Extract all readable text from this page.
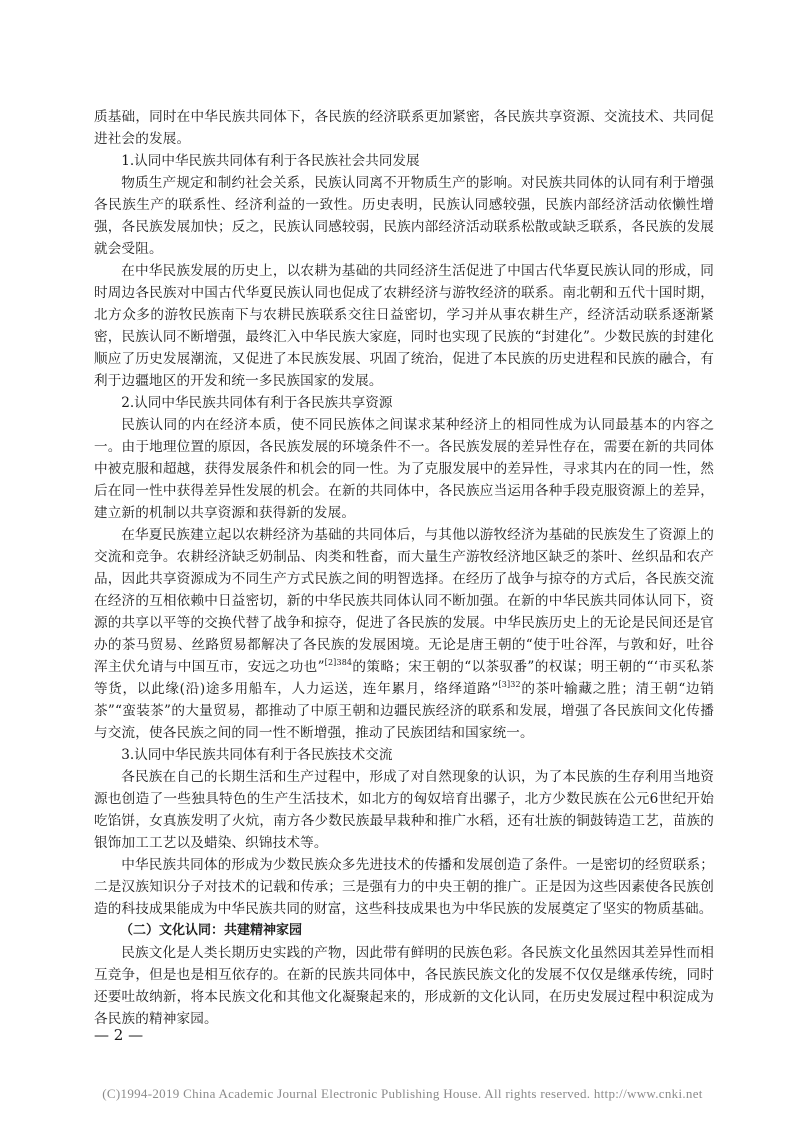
质基础，同时在中华民族共同体下，各民族的经济联系更加紧密，各民族共享资源、交流技术、共同促进社会的发展。

1.认同中华民族共同体有利于各民族社会共同发展

物质生产规定和制约社会关系，民族认同离不开物质生产的影响。对民族共同体的认同有利于增强各民族生产的联系性、经济利益的一致性。历史表明，民族认同感较强，民族内部经济活动依懒性增强，各民族发展加快；反之，民族认同感较弱，民族内部经济活动联系松散或缺乏联系，各民族的发展就会受阻。

在中华民族发展的历史上，以农耕为基础的共同经济生活促进了中国古代华夏民族认同的形成，同时周边各民族对中国古代华夏民族认同也促成了农耕经济与游牧经济的联系。南北朝和五代十国时期，北方众多的游牧民族南下与农耕民族联系交往日益密切，学习并从事农耕生产，经济活动联系逐渐紧密，民族认同不断增强，最终汇入中华民族大家庭，同时也实现了民族的“封建化”。少数民族的封建化顺应了历史发展潮流，又促进了本民族发展、巩固了统治，促进了本民族的历史进程和民族的融合，有利于边疆地区的开发和统一多民族国家的发展。

2.认同中华民族共同体有利于各民族共享资源

民族认同的内在经济本质，使不同民族体之间谋求某种经济上的相同性成为认同最基本的内容之一。由于地理位置的原因，各民族发展的环境条件不一。各民族发展的差异性存在，需要在新的共同体中被克服和超越，获得发展条件和机会的同一性。为了克服发展中的差异性，寻求其内在的同一性，然后在同一性中获得差异性发展的机会。在新的共同体中，各民族应当运用各种手段克服资源上的差异，建立新的机制以共享资源和获得新的发展。

在华夏民族建立起以农耕经济为基础的共同体后，与其他以游牧经济为基础的民族发生了资源上的交流和竞争。农耕经济缺乏奶制品、肉类和牲畜，而大量生产游牧经济地区缺乏的茶叶、丝织品和农产品，因此共享资源成为不同生产方式民族之间的明智选择。在经历了战争与掠夺的方式后，各民族交流在经济的互相依赖中日益密切，新的中华民族共同体认同不断加强。在新的中华民族共同体认同下，资源的共享以平等的交换代替了战争和掠夺，促进了各民族的发展。中华民族历史上的无论是民间还是官办的茶马贸易、丝路贸易都解决了各民族的发展困境。无论是唐王朝的“使于吐谷浑，与敦和好，吐谷浑主伏允请与中国互市，安远之功也”$^{[2]384}$的策略；宋王朝的“以茶驭番”的权谋；明王朝的“‘市买私茶等货，以此缘(沿)途多用船车，人力运送，连年累月，络绎道路”$^{[3]32}$的茶叶输藏之胜；清王朝“边销茶”“蛮装茶”的大量贸易，都推动了中原王朝和边疆民族经济的联系和发展，增强了各民族间文化传播与交流，使各民族之间的同一性不断增强，推动了民族团结和国家统一。

3.认同中华民族共同体有利于各民族技术交流

各民族在自己的长期生活和生产过程中，形成了对自然现象的认识，为了本民族的生存利用当地资源也创造了一些独具特色的生产生活技术，如北方的匈奴培育出骡子，北方少数民族在公元6世纪开始吃馅饼，女真族发明了火炕，南方各少数民族最早栽种和推广水稻，还有壮族的铜鼓铸造工艺，苗族的银饰加工工艺以及蜡染、织锦技术等。

中华民族共同体的形成为少数民族众多先进技术的传播和发展创造了条件。一是密切的经贸联系；二是汉族知识分子对技术的记载和传承；三是强有力的中央王朝的推广。正是因为这些因素使各民族创造的科技成果能成为中华民族共同的财富，这些科技成果也为中华民族的发展奠定了坚实的物质基础。

（二）文化认同：共建精神家园

民族文化是人类长期历史实践的产物，因此带有鲜明的民族色彩。各民族文化虽然因其差异性而相互竞争，但是也是相互依存的。在新的民族共同体中，各民族民族文化的发展不仅仅是继承传统，同时还要吐故纳新，将本民族文化和其他文化凝聚起来的，形成新的文化认同，在历史发展过程中积淀成为各民族的精神家园。

— 2 —
(C)1994-2019 China Academic Journal Electronic Publishing House. All rights reserved. http://www.cnki.net
